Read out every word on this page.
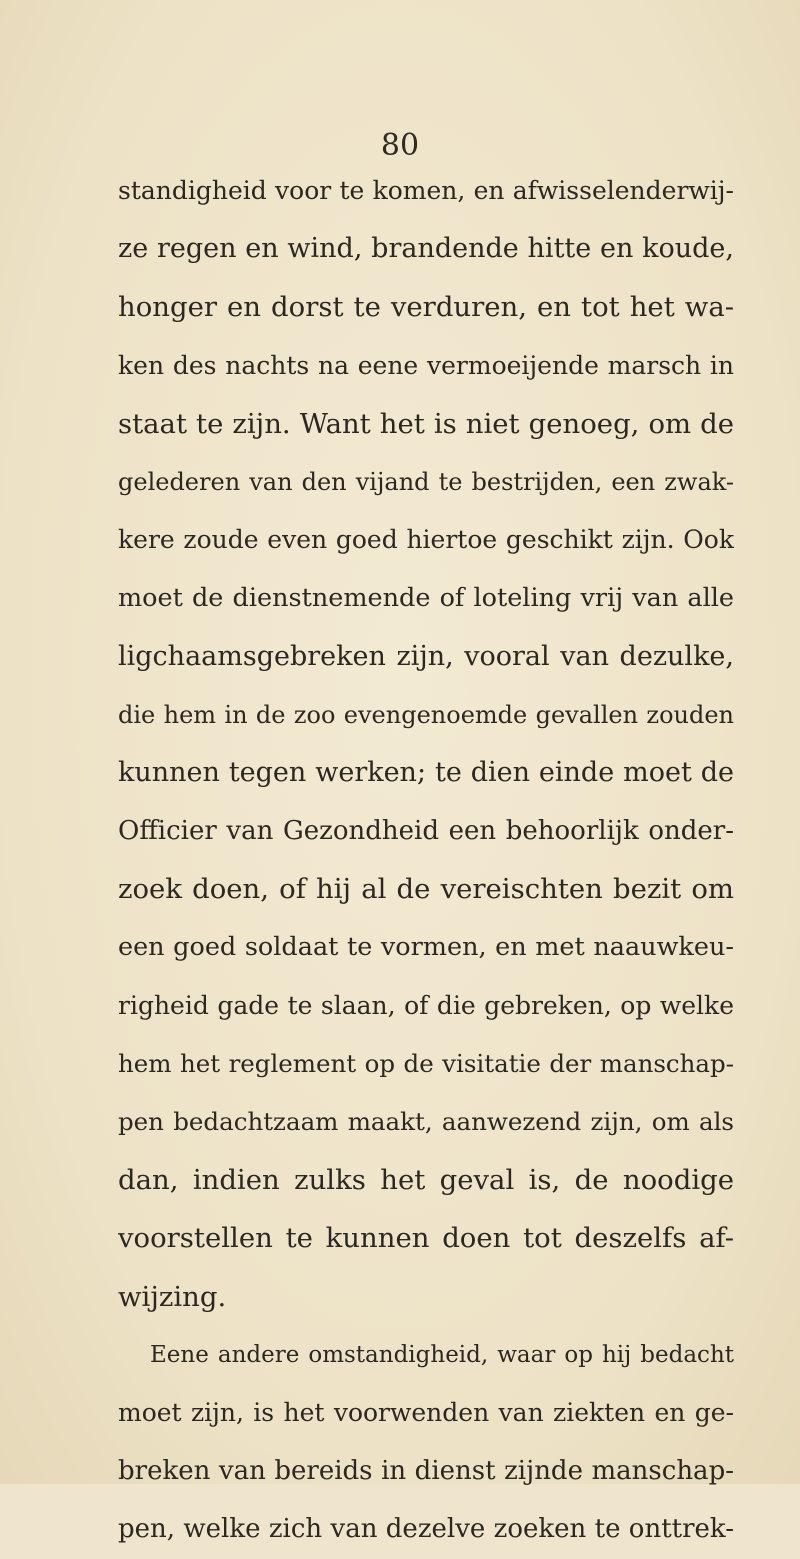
80
standigheid voor te komen, en afwisselenderwij-
ze regen en wind, brandende hitte en koude,
honger en dorst te verduren, en tot het wa-
ken des nachts na eene vermoeijende marsch in
staat te zijn. Want het is niet genoeg, om de
gelederen van den vijand te bestrijden, een zwak-
kere zoude even goed hiertoe geschikt zijn. Ook
moet de dienstnemende of loteling vrij van alle
ligchaamsgebreken zijn, vooral van dezulke,
die hem in de zoo evengenoemde gevallen zouden
kunnen tegen werken; te dien einde moet de
Officier van Gezondheid een behoorlijk onder-
zoek doen, of hij al de vereischten bezit om
een goed soldaat te vormen, en met naauwkeu-
righeid gade te slaan, of die gebreken, op welke
hem het reglement op de visitatie der manschap-
pen bedachtzaam maakt, aanwezend zijn, om als
dan, indien zulks het geval is, de noodige
voorstellen te kunnen doen tot deszelfs af-
wijzing.
Eene andere omstandigheid, waar op hij bedacht
moet zijn, is het voorwenden van ziekten en ge-
breken van bereids in dienst zijnde manschap-
pen, welke zich van dezelve zoeken te onttrek-
